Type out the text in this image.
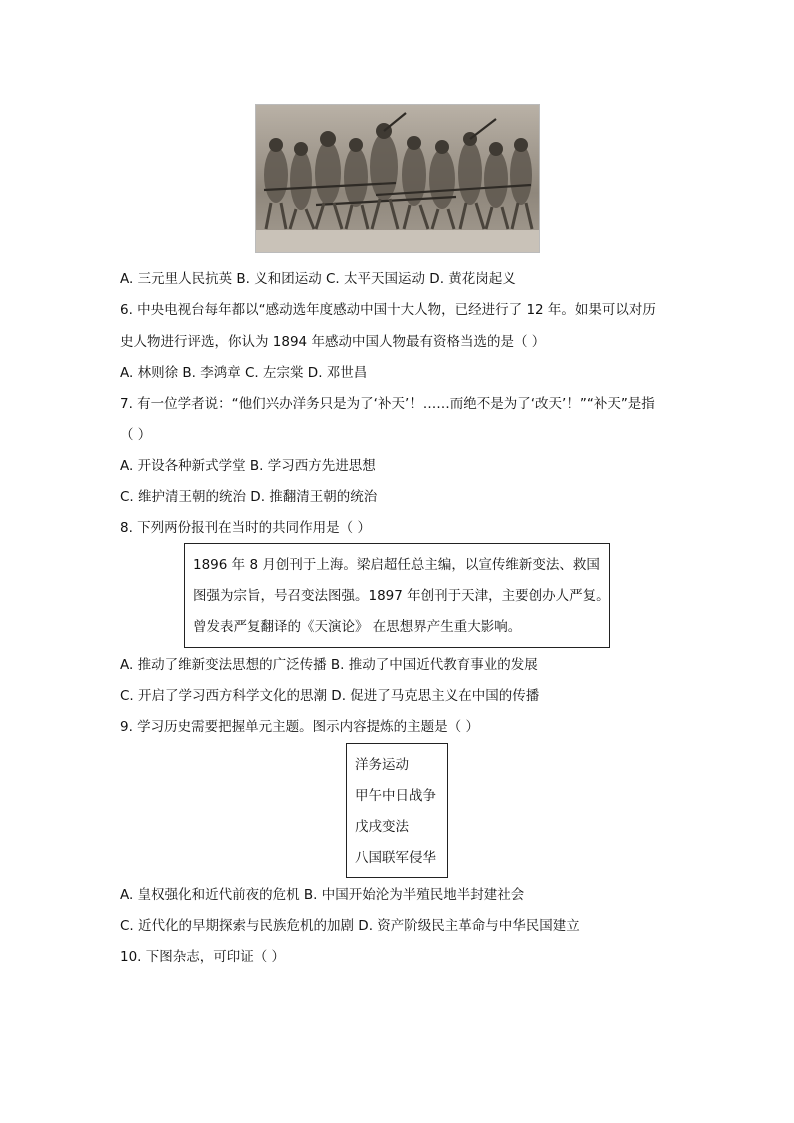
A. 三元里人民抗英 B. 义和团运动 C. 太平天国运动 D. 黄花岗起义
6. 中央电视台每年都以“感动选年度感动中国十大人物，已经进行了 12 年。如果可以对历
史人物进行评选，你认为 1894 年感动中国人物最有资格当选的是（ ）
A. 林则徐 B. 李鸿章 C. 左宗棠 D. 邓世昌
7. 有一位学者说：“他们兴办洋务只是为了‘补天’！……而绝不是为了‘改天’！”“补天”是指
（ ）
A. 开设各种新式学堂 B. 学习西方先进思想
C. 维护清王朝的统治 D. 推翻清王朝的统治
8. 下列两份报刊在当时的共同作用是（ ）
1896 年 8 月创刊于上海。梁启超任总主编，以宣传维新变法、救国
图强为宗旨，号召变法图强。1897 年创刊于天津，主要创办人严复。
曾发表严复翻译的《天演论》 在思想界产生重大影响。
A. 推动了维新变法思想的广泛传播 B. 推动了中国近代教育事业的发展
C. 开启了学习西方科学文化的思潮 D. 促进了马克思主义在中国的传播
9. 学习历史需要把握单元主题。图示内容提炼的主题是（ ）
洋务运动
甲午中日战争
戊戌变法
八国联军侵华
A. 皇权强化和近代前夜的危机 B. 中国开始沦为半殖民地半封建社会
C. 近代化的早期探索与民族危机的加剧 D. 资产阶级民主革命与中华民国建立
10. 下图杂志，可印证（ ）
